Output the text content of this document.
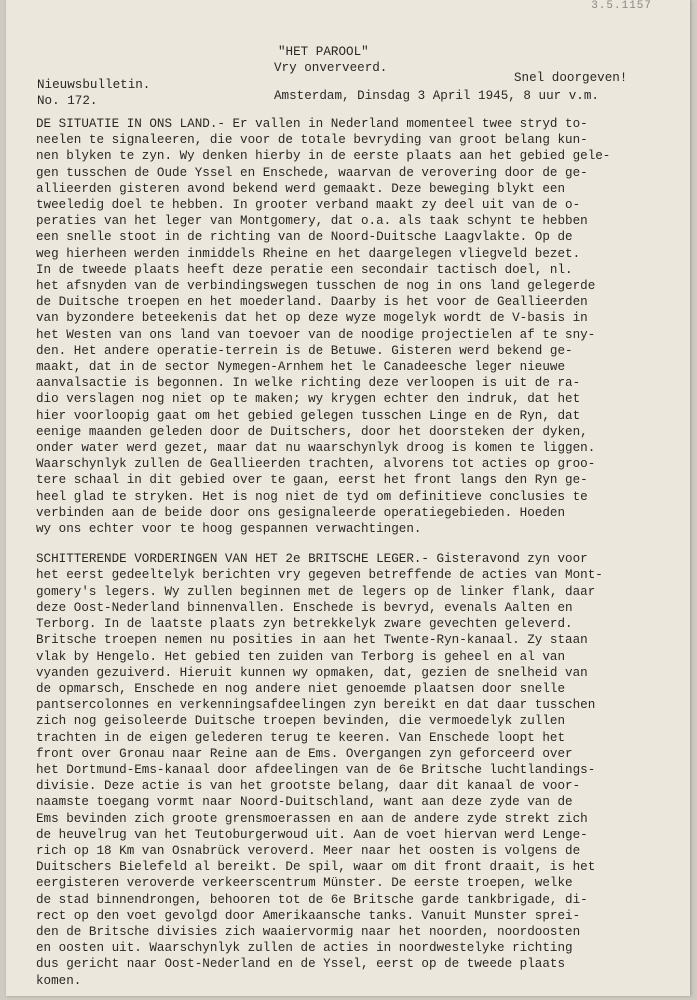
3.5.1157
"HET PAROOL"
Vry onverveerd.
Nieuwsbulletin.
No. 172.
Snel doorgeven!
Amsterdam, Dinsdag 3 April 1945, 8 uur v.m.
DE SITUATIE IN ONS LAND.- Er vallen in Nederland momenteel twee stryd to-
neelen te signaleeren, die voor de totale bevryding van groot belang kun-
nen blyken te zyn. Wy denken hierby in de eerste plaats aan het gebied gele-
gen tusschen de Oude Yssel en Enschede, waarvan de verovering door de ge-
allieerden gisteren avond bekend werd gemaakt. Deze beweging blykt een
tweeledig doel te hebben. In grooter verband maakt zy deel uit van de o-
peraties van het leger van Montgomery, dat o.a. als taak schynt te hebben
een snelle stoot in de richting van de Noord-Duitsche Laagvlakte. Op de
weg hierheen werden inmiddels Rheine en het daargelegen vliegveld bezet.
In de tweede plaats heeft deze peratie een secondair tactisch doel, nl.
het afsnyden van de verbindingswegen tusschen de nog in ons land gelegerde
de Duitsche troepen en het moederland. Daarby is het voor de Geallieerden
van byzondere beteekenis dat het op deze wyze mogelyk wordt de V-basis in
het Westen van ons land van toevoer van de noodige projectielen af te sny-
den. Het andere operatie-terrein is de Betuwe. Gisteren werd bekend ge-
maakt, dat in de sector Nymegen-Arnhem het le Canadeesche leger nieuwe
aanvalsactie is begonnen. In welke richting deze verloopen is uit de ra-
dio verslagen nog niet op te maken; wy krygen echter den indruk, dat het
hier voorloopig gaat om het gebied gelegen tusschen Linge en de Ryn, dat
eenige maanden geleden door de Duitschers, door het doorsteken der dyken,
onder water werd gezet, maar dat nu waarschynlyk droog is komen te liggen.
Waarschynlyk zullen de Geallieerden trachten, alvorens tot acties op groo-
tere schaal in dit gebied over te gaan, eerst het front langs den Ryn ge-
heel glad te stryken. Het is nog niet de tyd om definitieve conclusies te
verbinden aan de beide door ons gesignaleerde operatiegebieden. Hoeden
wy ons echter voor te hoog gespannen verwachtingen.
SCHITTERENDE VORDERINGEN VAN HET 2e BRITSCHE LEGER.- Gisteravond zyn voor
het eerst gedeeltelyk berichten vry gegeven betreffende de acties van Mont-
gomery's legers. Wy zullen beginnen met de legers op de linker flank, daar
deze Oost-Nederland binnenvallen. Enschede is bevryd, evenals Aalten en
Terborg. In de laatste plaats zyn betrekkelyk zware gevechten geleverd.
Britsche troepen nemen nu posities in aan het Twente-Ryn-kanaal. Zy staan
vlak by Hengelo. Het gebied ten zuiden van Terborg is geheel en al van
vyanden gezuiverd. Hieruit kunnen wy opmaken, dat, gezien de snelheid van
de opmarsch, Enschede en nog andere niet genoemde plaatsen door snelle
pantsercolonnes en verkenningsafdeelingen zyn bereikt en dat daar tusschen
zich nog geisoleerde Duitsche troepen bevinden, die vermoedelyk zullen
trachten in de eigen gelederen terug te keeren. Van Enschede loopt het
front over Gronau naar Reine aan de Ems. Overgangen zyn geforceerd over
het Dortmund-Ems-kanaal door afdeelingen van de 6e Britsche luchtlandings-
divisie. Deze actie is van het grootste belang, daar dit kanaal de voor-
naamste toegang vormt naar Noord-Duitschland, want aan deze zyde van de
Ems bevinden zich groote grensmoerassen en aan de andere zyde strekt zich
de heuvelrug van het Teutoburgerwoud uit. Aan de voet hiervan werd Lenge-
rich op 18 Km van Osnabrück veroverd. Meer naar het oosten is volgens de
Duitschers Bielefeld al bereikt. De spil, waar om dit front draait, is het
eergisteren veroverde verkeerscentrum Münster. De eerste troepen, welke
de stad binnendrongen, behooren tot de 6e Britsche garde tankbrigade, di-
rect op den voet gevolgd door Amerikaansche tanks. Vanuit Munster sprei-
den de Britsche divisies zich waaiervormig naar het noorden, noordoosten
en oosten uit. Waarschynlyk zullen de acties in noordwestelyke richting
dus gericht naar Oost-Nederland en de Yssel, eerst op de tweede plaats
komen.
